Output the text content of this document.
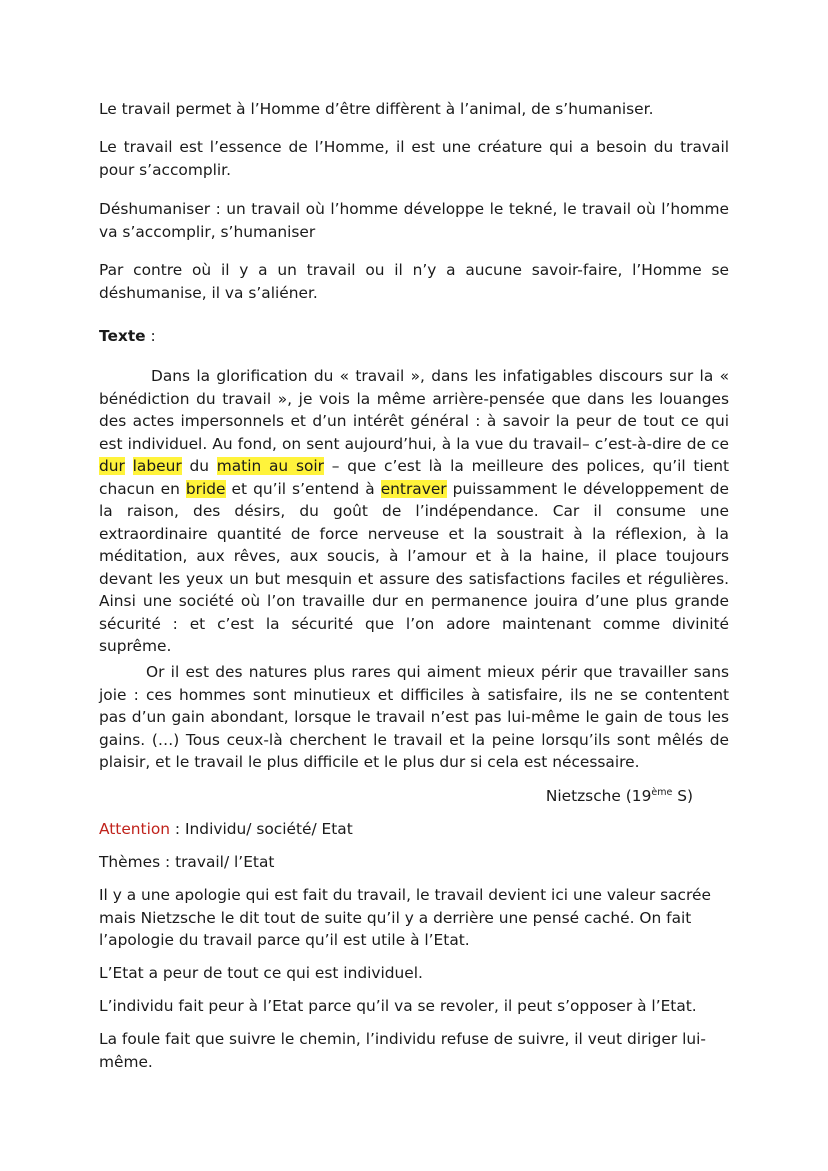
Le travail permet à l’Homme d’être diffèrent à l’animal, de s’humaniser.

Le travail est l’essence de l’Homme, il est une créature qui a besoin du travail pour s’accomplir.

Déshumaniser : un travail où l’homme développe le tekné, le travail où l’homme va s’accomplir, s’humaniser

Par contre où il y a un travail ou il n’y a aucune savoir-faire, l’Homme se déshumanise, il va s’aliéner.

Texte :

Dans la glorification du « travail », dans les infatigables discours sur la « bénédiction du travail », je vois la même arrière-pensée que dans les louanges des actes impersonnels et d’un intérêt général : à savoir la peur de tout ce qui est individuel. Au fond, on sent aujourd’hui, à la vue du travail– c’est-à-dire de ce dur labeur du matin au soir – que c’est là la meilleure des polices, qu’il tient chacun en bride et qu’il s’entend à entraver puissamment le développement de la raison, des désirs, du goût de l’indépendance. Car il consume une extraordinaire quantité de force nerveuse et la soustrait à la réflexion, à la méditation, aux rêves, aux soucis, à l’amour et à la haine, il place toujours devant les yeux un but mesquin et assure des satisfactions faciles et régulières. Ainsi une société où l’on travaille dur en permanence jouira d’une plus grande sécurité : et c’est la sécurité que l’on adore maintenant comme divinité suprême.

Or il est des natures plus rares qui aiment mieux périr que travailler sans joie : ces hommes sont minutieux et difficiles à satisfaire, ils ne se contentent pas d’un gain abondant, lorsque le travail n’est pas lui-même le gain de tous les gains. (…) Tous ceux-là cherchent le travail et la peine lorsqu’ils sont mêlés de plaisir, et le travail le plus difficile et le plus dur si cela est nécessaire.

Nietzsche (19ème S)

Attention : Individu/ société/ Etat

Thèmes : travail/ l’Etat

Il y a une apologie qui est fait du travail, le travail devient ici une valeur sacrée mais Nietzsche le dit tout de suite qu’il y a derrière une pensé caché. On fait l’apologie du travail parce qu’il est utile à l’Etat.

L’Etat a peur de tout ce qui est individuel.

L’individu fait peur à l’Etat parce qu’il va se revoler, il peut s’opposer à l’Etat.

La foule fait que suivre le chemin, l’individu refuse de suivre, il veut diriger lui-même.
